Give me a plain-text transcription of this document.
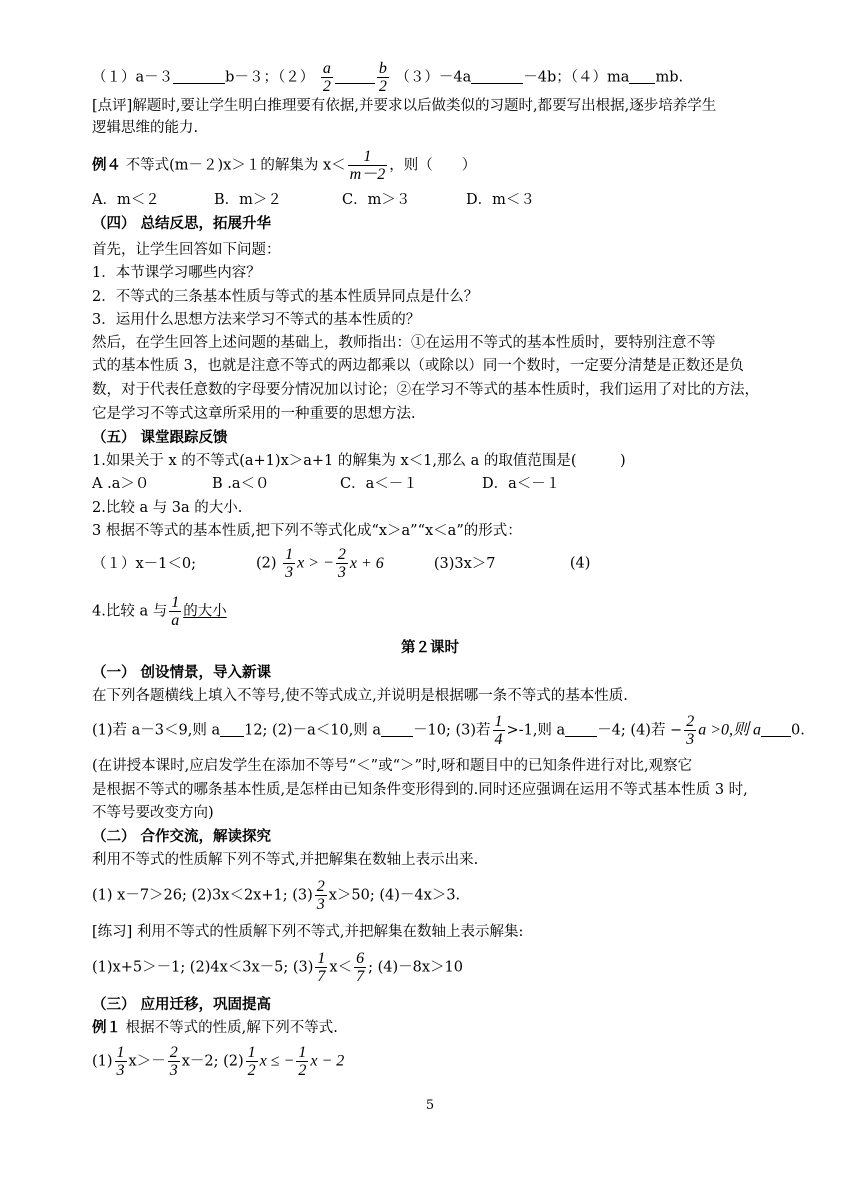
（１）a－３	b－３；$(2) \frac{a}{2}$	$\frac{b}{2} (3)-4a$	－4b；（４）ma mb.
[点评]解题时,要让学生明白推理要有依据,并要求以后做类似的习题时,都要写出根据,逐步培养学生
逻辑思维的能力.
例４ 不等式(m－２)x＞１的解集为 $x< \frac{1}{m-2}$ ，则（　　）
A．m＜２	B．m＞２	C．m＞３	D．m＜３
（四） 总结反思，拓展升华
首先，让学生回答如下问题：
1．本节课学习哪些内容？
2．不等式的三条基本性质与等式的基本性质异同点是什么？
3．运用什么思想方法来学习不等式的基本性质的？
然后，在学生回答上述问题的基础上，教师指出：①在运用不等式的基本性质时，要特别注意不等
式的基本性质 3，也就是注意不等式的两边都乘以（或除以）同一个数时，一定要分清楚是正数还是负
数，对于代表任意数的字母要分情况加以讨论；②在学习不等式的基本性质时，我们运用了对比的方法，
它是学习不等式这章所采用的一种重要的思想方法.
（五） 课堂跟踪反馈
1.如果关于 x 的不等式(a+1)x＞a+1 的解集为 x＜1,那么 a 的取值范围是(　　　)
A .a＞０	B .a＜０	C．a＜－１	D．a＜－１
2.比较 a 与 3a 的大小.
3 根据不等式的基本性质,把下列不等式化成“x＞a”“x＜a”的形式：
（１）x－1＜0;	$(2) \frac{1}{3}$ x > − $\frac{2}{3}$ x + 6	(3)3x＞7	(4)
4.比较 a 与 $\frac{1}{a}$ 的大小
第２课时
（一） 创设情景，导入新课
在下列各题横线上填入不等号,使不等式成立,并说明是根据哪一条不等式的基本性质.
(1)若 a－3＜9,则 a 12; (2)－a＜10,则 a －10; (3)若 $\frac{1}{4} >-1$,则 a －4; (4)若 − $\frac{2}{3}$ a >0,则 a 0.
(在讲授本课时,应启发学生在添加不等号“＜”或“＞”时,呀和题目中的已知条件进行对比,观察它
是根据不等式的哪条基本性质,是怎样由已知条件变形得到的.同时还应强调在运用不等式基本性质 3 时,
不等号要改变方向)
（二） 合作交流，解读探究
利用不等式的性质解下列不等式,并把解集在数轴上表示出来.
(1) x－7＞26; (2)3x＜2x+1; $(3) \frac{2}{3} x>50$; (4)－4x＞3.
[练习] 利用不等式的性质解下列不等式,并把解集在数轴上表示解集:
(1)x+5＞－1; (2)4x＜3x－5; $(3) \frac{1}{7} x< \frac{6}{7}$ ; (4)－8x＞10
（三） 应用迁移，巩固提高
例１ 根据不等式的性质,解下列不等式.
$(1) \frac{1}{3} x>- \frac{2}{3} x-2$; $(2) \frac{1}{2}$ x ≤ − $\frac{1}{2}$ x − 2
5
